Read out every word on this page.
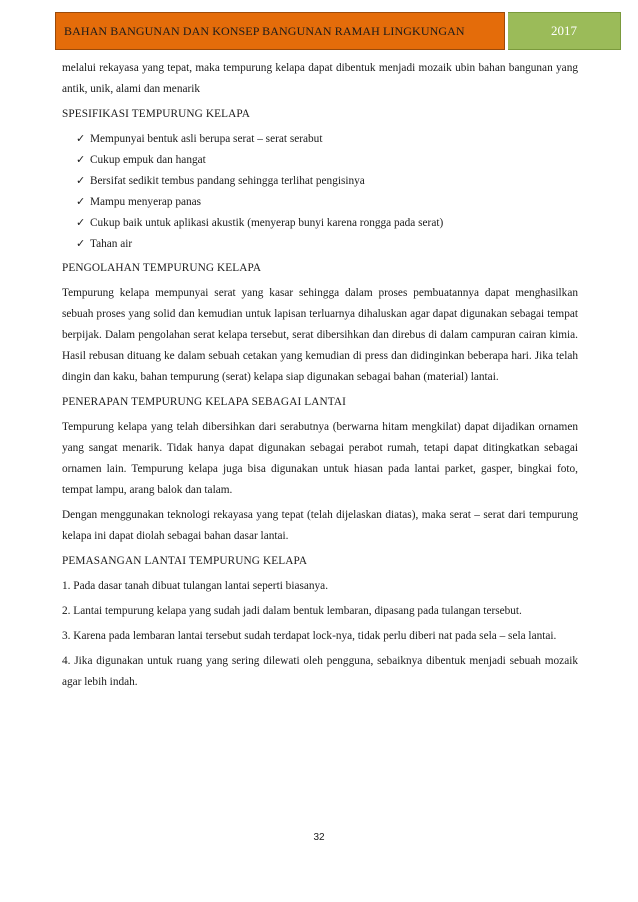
BAHAN BANGUNAN DAN KONSEP BANGUNAN RAMAH LINGKUNGAN	2017

melalui rekayasa yang tepat, maka tempurung kelapa dapat dibentuk menjadi mozaik ubin bahan bangunan yang antik, unik, alami dan menarik

SPESIFIKASI TEMPURUNG KELAPA
✓ Mempunyai bentuk asli berupa serat – serat serabut
✓ Cukup empuk dan hangat
✓ Bersifat sedikit tembus pandang sehingga terlihat pengisinya
✓ Mampu menyerap panas
✓ Cukup baik untuk aplikasi akustik (menyerap bunyi karena rongga pada serat)
✓ Tahan air
PENGOLAHAN TEMPURUNG KELAPA

Tempurung kelapa mempunyai serat yang kasar sehingga dalam proses pembuatannya dapat menghasilkan sebuah proses yang solid dan kemudian untuk lapisan terluarnya dihaluskan agar dapat digunakan sebagai tempat berpijak. Dalam pengolahan serat kelapa tersebut, serat dibersihkan dan direbus di dalam campuran cairan kimia. Hasil rebusan dituang ke dalam sebuah cetakan yang kemudian di press dan didinginkan beberapa hari. Jika telah dingin dan kaku, bahan tempurung (serat) kelapa siap digunakan sebagai bahan (material) lantai.

PENERAPAN TEMPURUNG KELAPA SEBAGAI LANTAI

Tempurung kelapa yang telah dibersihkan dari serabutnya (berwarna hitam mengkilat) dapat dijadikan ornamen yang sangat menarik. Tidak hanya dapat digunakan sebagai perabot rumah, tetapi dapat ditingkatkan sebagai ornamen lain. Tempurung kelapa juga bisa digunakan untuk hiasan pada lantai parket, gasper, bingkai foto, tempat lampu, arang balok dan talam.

Dengan menggunakan teknologi rekayasa yang tepat (telah dijelaskan diatas), maka serat – serat dari tempurung kelapa ini dapat diolah sebagai bahan dasar lantai.

PEMASANGAN LANTAI TEMPURUNG KELAPA

1. Pada dasar tanah dibuat tulangan lantai seperti biasanya.

2. Lantai tempurung kelapa yang sudah jadi dalam bentuk lembaran, dipasang pada tulangan tersebut.

3. Karena pada lembaran lantai tersebut sudah terdapat lock-nya, tidak perlu diberi nat pada sela – sela lantai.

4. Jika digunakan untuk ruang yang sering dilewati oleh pengguna, sebaiknya dibentuk menjadi sebuah mozaik agar lebih indah.

32
